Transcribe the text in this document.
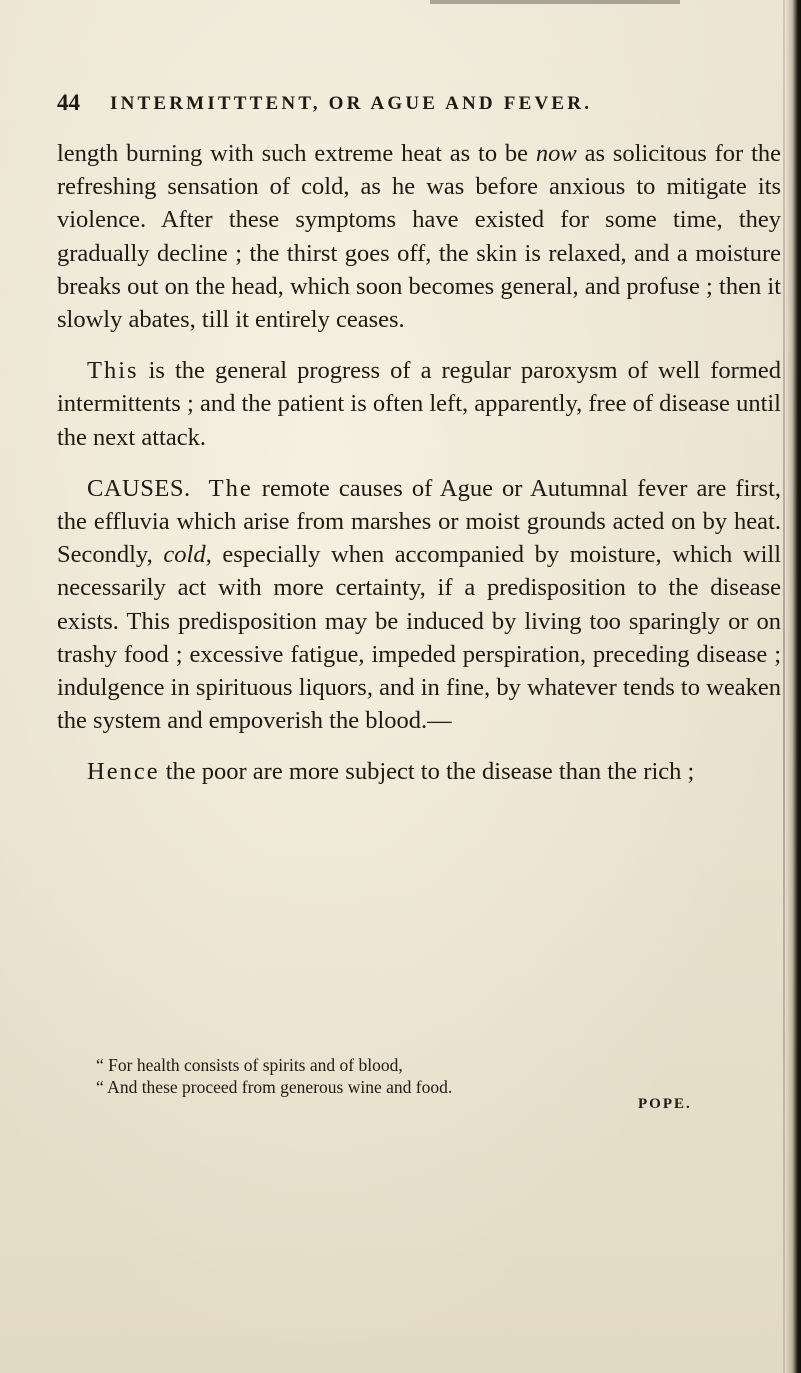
44 INTERMITTTENT, OR AGUE AND FEVER.

length burning with such extreme heat as to be now as solicitous for the refreshing sensation of cold, as he was before anxious to mitigate its violence. After these symptoms have existed for some time, they gradually decline ; the thirst goes off, the skin is relaxed, and a moisture breaks out on the head, which soon becomes general, and profuse ; then it slowly abates, till it entirely ceases.

This is the general progress of a regular paroxysm of well formed intermittents ; and the patient is often left, apparently, free of disease until the next attack.

CAUSES. The remote causes of Ague or Autumnal fever are first, the effluvia which arise from marshes or moist grounds acted on by heat. Secondly, cold, especially when accompanied by moisture, which will necessarily act with more certainty, if a predisposition to the disease exists. This predisposition may be induced by living too sparingly or on trashy food ; excessive fatigue, impeded perspiration, preceding disease ; indulgence in spirituous liquors, and in fine, by whatever tends to weaken the system and empoverish the blood.—

Hence the poor are more subject to the disease than the rich ;

“ For health consists of spirits and of blood,
“ And these proceed from generous wine and food.
POPE.
